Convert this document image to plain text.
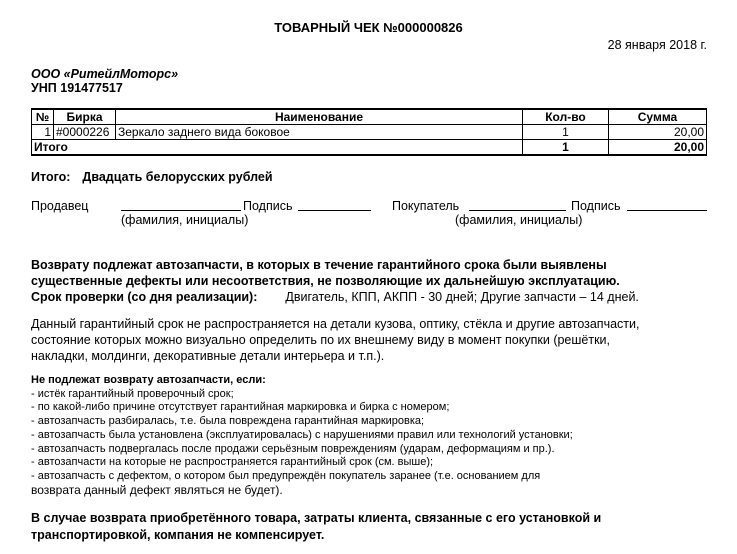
ТОВАРНЫЙ ЧЕК №000000826
28 января 2018 г.
ООО «РитейлМоторс»
УНП 191477517
№	Бирка	Наименование	Кол-во	Сумма
1	#0000226	Зеркало заднего вида боковое	1	20,00
Итого			1	20,00
Итого: Двадцать белорусских рублей
Продавец	Подпись	Покупатель	Подпись
(фамилия, инициалы)	(фамилия, инициалы)
Возврату подлежат автозапчасти, в которых в течение гарантийного срока были выявлены
существенные дефекты или несоответствия, не позволяющие их дальнейшую эксплуатацию.
Срок проверки (со дня реализации): Двигатель, КПП, АКПП - 30 дней; Другие запчасти – 14 дней.
Данный гарантийный срок не распространяется на детали кузова, оптику, стёкла и другие автозапчасти,
состояние которых можно визуально определить по их внешнему виду в момент покупки (решётки,
накладки, молдинги, декоративные детали интерьера и т.п.).
Не подлежат возврату автозапчасти, если:
- истёк гарантийный проверочный срок;
- по какой-либо причине отсутствует гарантийная маркировка и бирка с номером;
- автозапчасть разбиралась, т.е. была повреждена гарантийная маркировка;
- автозапчасть была установлена (эксплуатировалась) с нарушениями правил или технологий установки;
- автозапчасть подвергалась после продажи серьёзным повреждениям (ударам, деформациям и пр.).
- автозапчасти на которые не распространяется гарантийный срок (см. выше);
- автозапчасть с дефектом, о котором был предупреждён покупатель заранее (т.е. основанием для
возврата данный дефект являться не будет).
В случае возврата приобретённого товара, затраты клиента, связанные с его установкой и
транспортировкой, компания не компенсирует.
